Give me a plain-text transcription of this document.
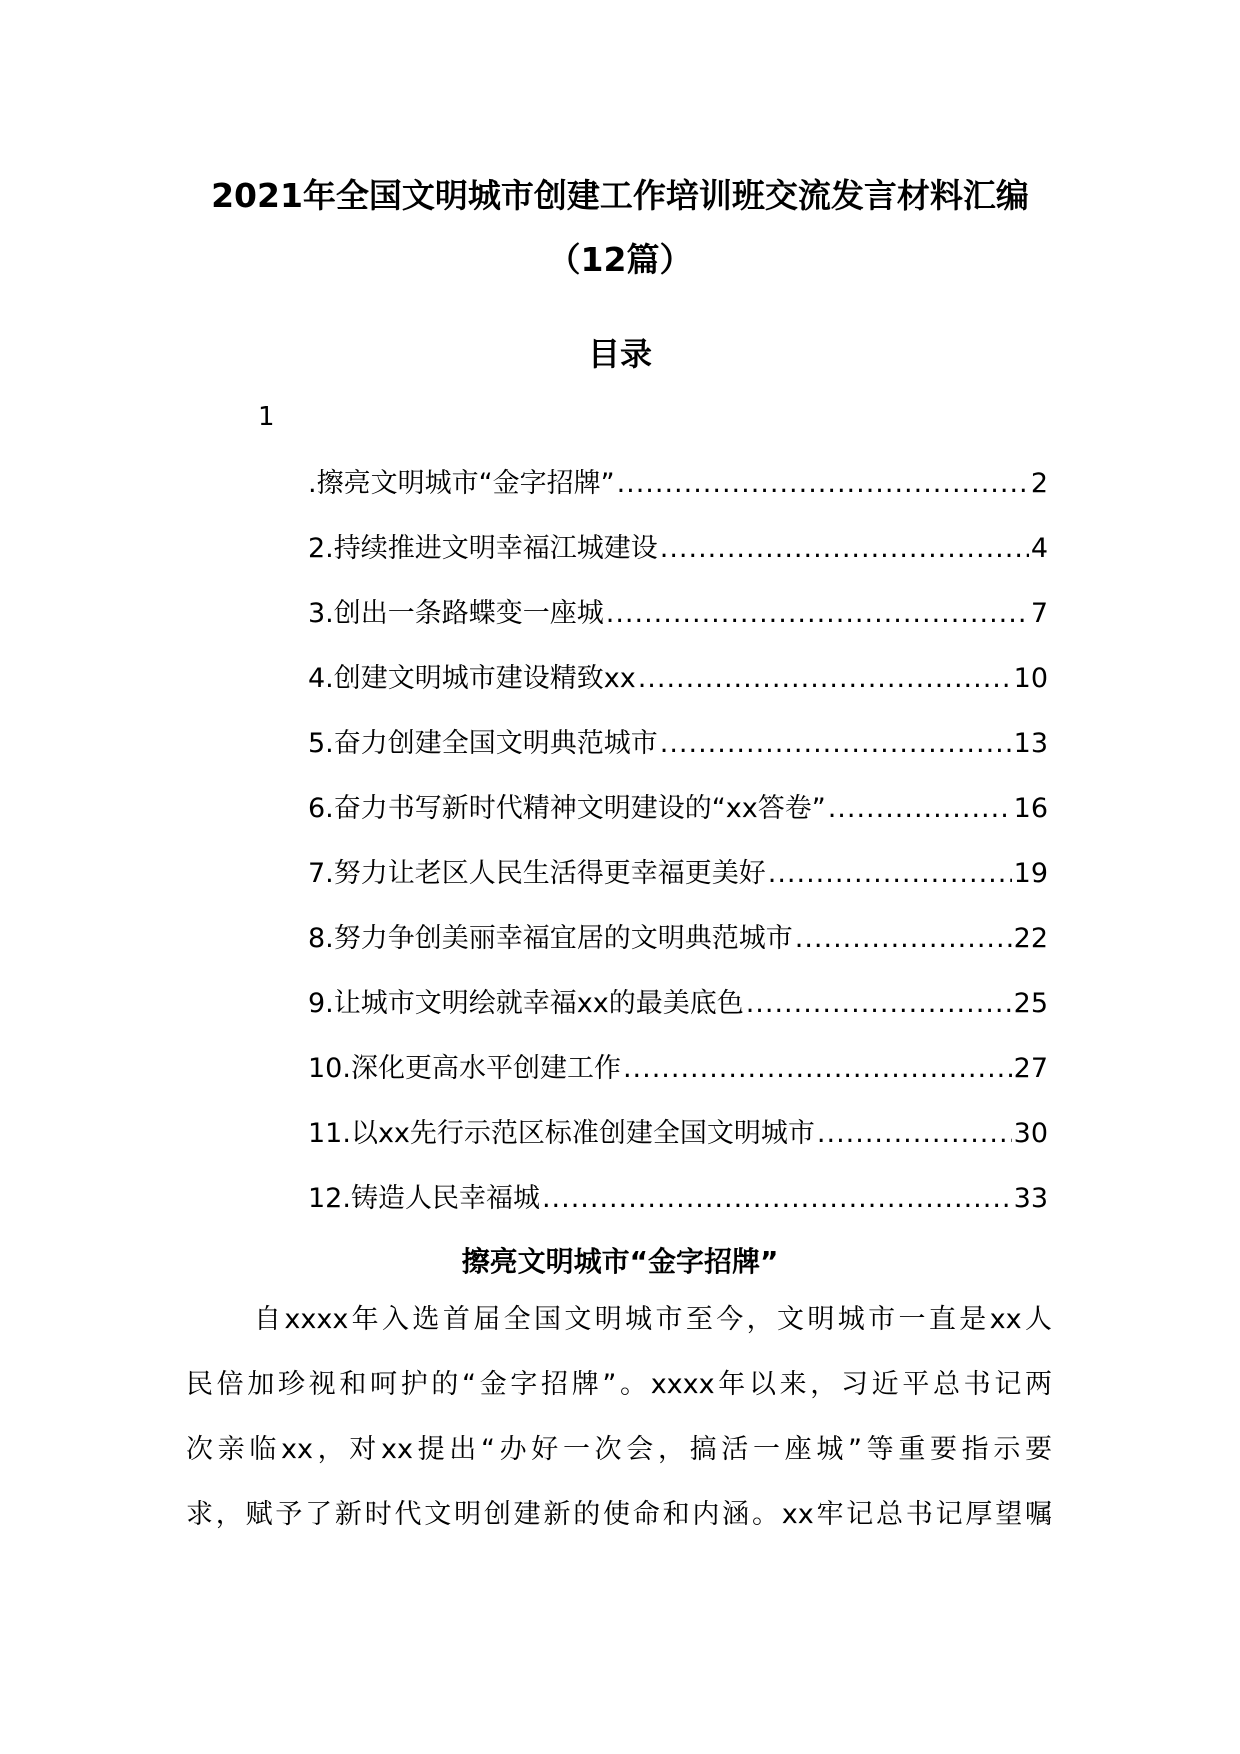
2021年全国文明城市创建工作培训班交流发言材料汇编
（12篇）
目录
1
.擦亮文明城市“金字招牌” .....	2
2.持续推进文明幸福江城建设 .....	4
3.创出一条路蝶变一座城 .....	7
4.创建文明城市建设精致xx .....	10
5.奋力创建全国文明典范城市 .....	13
6.奋力书写新时代精神文明建设的“xx答卷” .....	16
7.努力让老区人民生活得更幸福更美好 .....	19
8.努力争创美丽幸福宜居的文明典范城市 .....	22
9.让城市文明绘就幸福xx的最美底色 .....	25
10.深化更高水平创建工作 .....	27
11.以xx先行示范区标准创建全国文明城市 .....	30
12.铸造人民幸福城 .....	33
擦亮文明城市“金字招牌”
自xxxx年入选首届全国文明城市至今，文明城市一直是xx人
民倍加珍视和呵护的“金字招牌”。xxxx年以来，习近平总书记两
次亲临xx，对xx提出“办好一次会，搞活一座城”等重要指示要
求，赋予了新时代文明创建新的使命和内涵。xx牢记总书记厚望嘱
